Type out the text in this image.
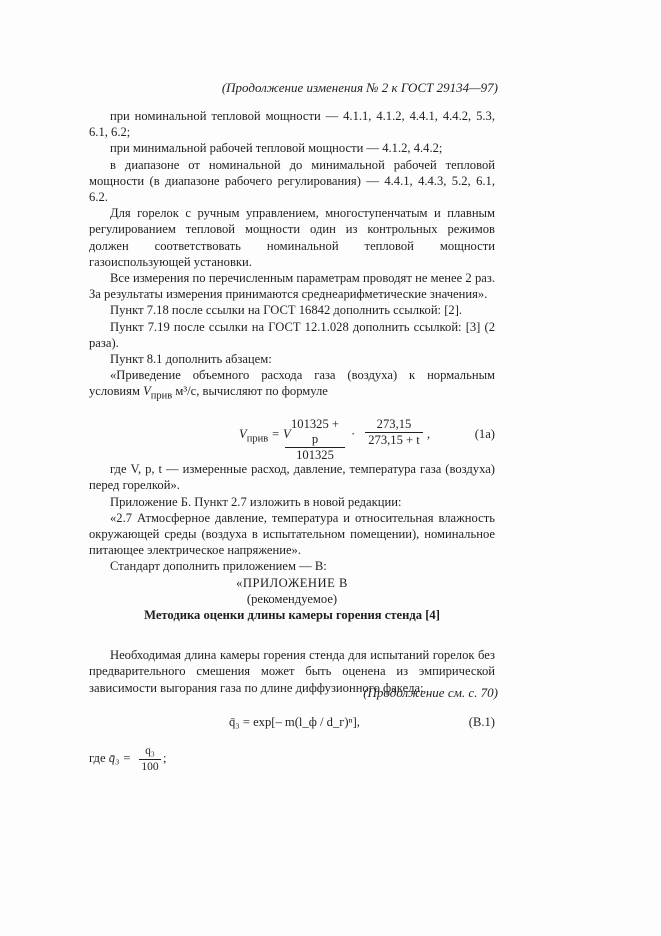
(Продолжение изменения № 2 к ГОСТ 29134—97)

при номинальной тепловой мощности — 4.1.1, 4.1.2, 4.4.1, 4.4.2, 5.3, 6.1, 6.2;

при минимальной рабочей тепловой мощности — 4.1.2, 4.4.2;

в диапазоне от номинальной до минимальной рабочей тепловой мощности (в диапазоне рабочего регулирования) — 4.4.1, 4.4.3, 5.2, 6.1, 6.2.

Для горелок с ручным управлением, многоступенчатым и плавным регулированием тепловой мощности один из контрольных режимов должен соответствовать номинальной тепловой мощности газоиспользующей установки.

Все измерения по перечисленным параметрам проводят не менее 2 раз. За результаты измерения принимаются среднеарифметические значения».

Пункт 7.18 после ссылки на ГОСТ 16842 дополнить ссылкой: [2].

Пункт 7.19 после ссылки на ГОСТ 12.1.028 дополнить ссылкой: [3] (2 раза).

Пункт 8.1 дополнить абзацем:

«Приведение объемного расхода газа (воздуха) к нормальным условиям $V_{прив}$ м³/с, вычисляют по формуле

$V_{прив} = V$
101325 + p
101325
·
273,15
273,15 + t ,	(1а)

где V, p, t — измеренные расход, давление, температура газа (воздуха) перед горелкой».

Приложение Б. Пункт 2.7 изложить в новой редакции:

«2.7 Атмосферное давление, температура и относительная влажность окружающей среды (воздуха в испытательном помещении), номинальное питающее электрическое напряжение».

Стандарт дополнить приложением — В:

«ПРИЛОЖЕНИЕ В

(рекомендуемое)

Методика оценки длины камеры горения стенда [4]

Необходимая длина камеры горения стенда для испытаний горелок без предварительного смешения может быть оценена из эмпирической зависимости выгорания газа по длине диффузионного факела:

q̄₃ = exp[– m(l_ф / d_г)ⁿ],	(В.1)
где q̄₃ = $\frac{\text{q₃}}{100}$ ;
(Продолжение см. с. 70)
